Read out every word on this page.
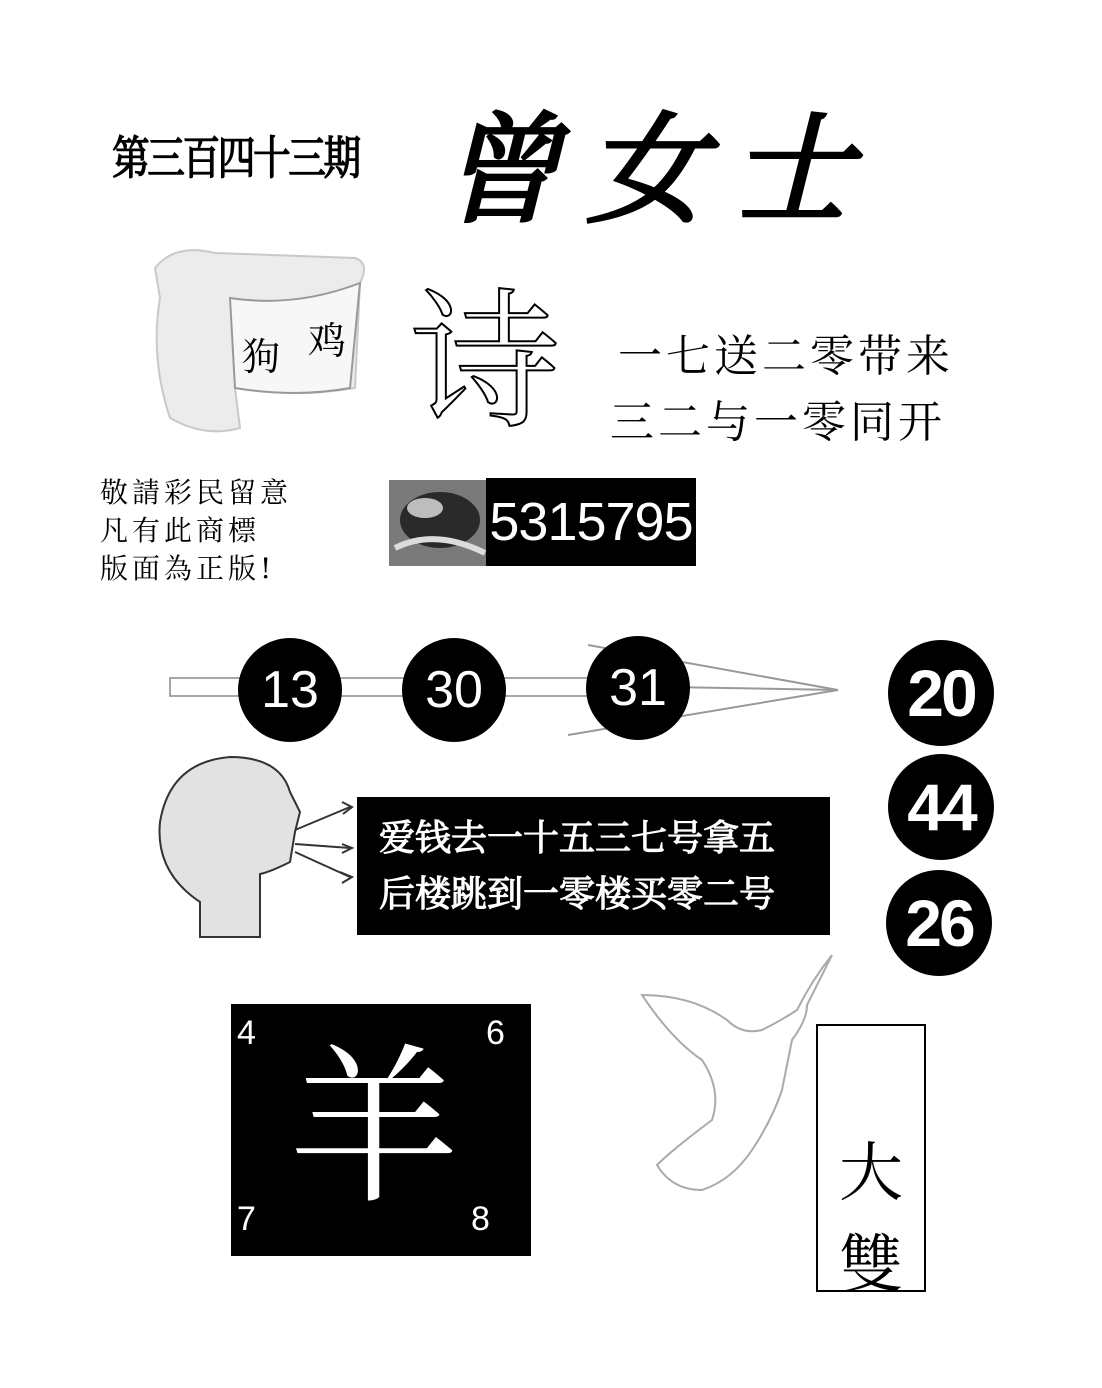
第三百四十三期 曾女士
狗 鸡 诗 一七送二零带来
三二与一零同开
敬請彩民留意
凡有此商標
版面為正版!
5315795
13	30	31	20
44
26
爱钱去一十五三七号拿五
后楼跳到一零楼买零二号
4	6
7	8
羊	大
雙
